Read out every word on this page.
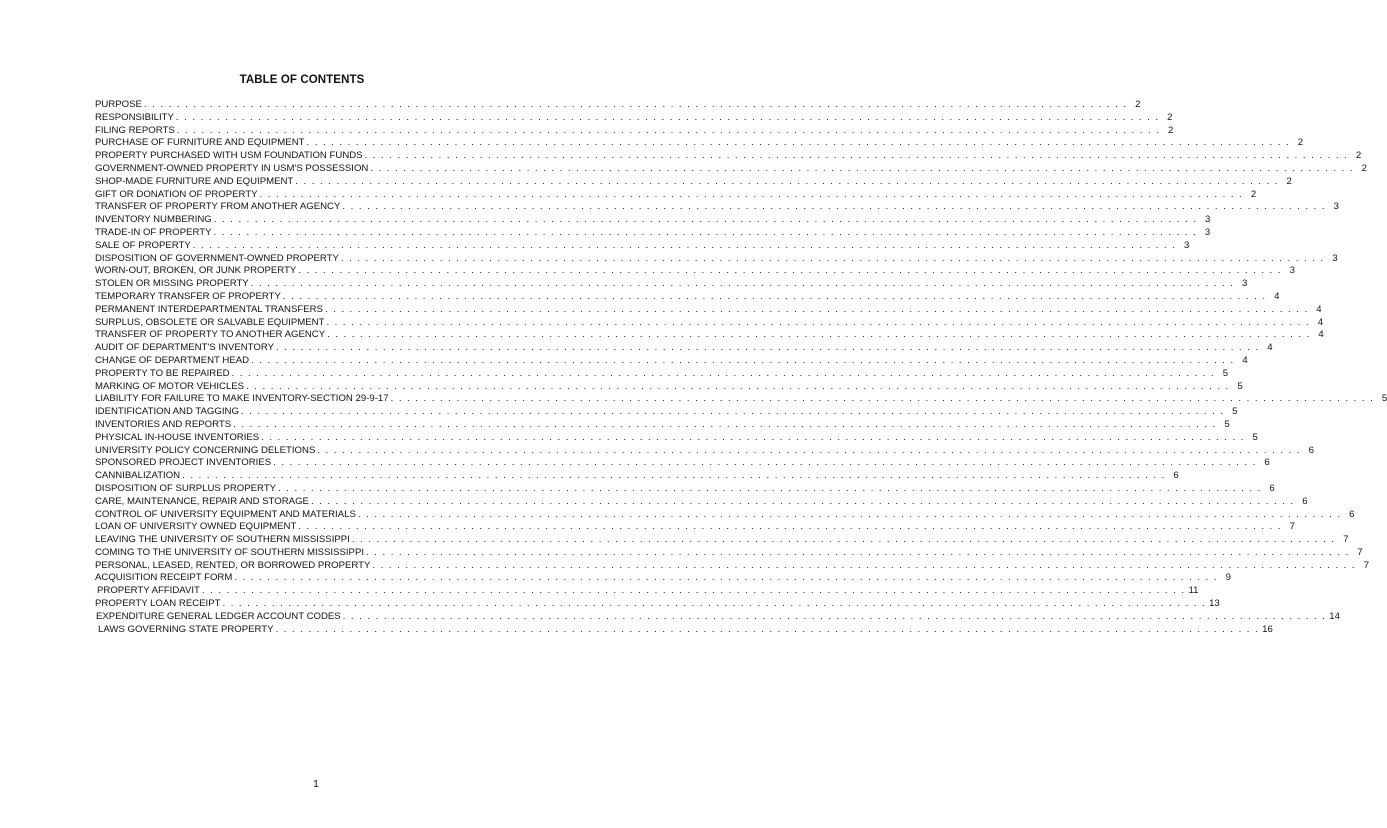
TABLE OF CONTENTS
PURPOSE . . . . . . . . . . . . . . . . . . . . . . . . . . . . . . . . . . . . . . . . . . . . . . . . . . . . . . . . . . . . . . . . . . . . . . . . . . . . . . . . . . . . . . . . . . . . . . . . . . . . . . . . . . . . . . . . . . . . . . . . 2
RESPONSIBILITY . . . . . . . . . . . . . . . . . . . . . . . . . . . . . . . . . . . . . . . . . . . . . . . . . . . . . . . . . . . . . . . . . . . . . . . . . . . . . . . . . . . . . . . . . . . . . . . . . . . . . . . . . . . . . . . . . . . . . . . . 2
FILING REPORTS . . . . . . . . . . . . . . . . . . . . . . . . . . . . . . . . . . . . . . . . . . . . . . . . . . . . . . . . . . . . . . . . . . . . . . . . . . . . . . . . . . . . . . . . . . . . . . . . . . . . . . . . . . . . . . . . . . . . . . . . 2
PURCHASE OF FURNITURE AND EQUIPMENT . . . . . . . . . . . . . . . . . . . . . . . . . . . . . . . . . . . . . . . . . . . . . . . . . . . . . . . . . . . . . . . . . . . . . . . . . . . . . . . . . . . . . . . . . . . . . . . . . . . . . . . . . . . . . . . . . . . . . . . . 2
PROPERTY PURCHASED WITH USM FOUNDATION FUNDS . . . . . . . . . . . . . . . . . . . . . . . . . . . . . . . . . . . . . . . . . . . . . . . . . . . . . . . . . . . . . . . . . . . . . . . . . . . . . . . . . . . . . . . . . . . . . . . . . . . . . . . . . . . . . . . . . . . . . . . . 2
GOVERNMENT-OWNED PROPERTY IN USM'S POSSESSION . . . . . . . . . . . . . . . . . . . . . . . . . . . . . . . . . . . . . . . . . . . . . . . . . . . . . . . . . . . . . . . . . . . . . . . . . . . . . . . . . . . . . . . . . . . . . . . . . . . . . . . . . . . . . . . . . . . . . . . . 2
SHOP-MADE FURNITURE AND EQUIPMENT . . . . . . . . . . . . . . . . . . . . . . . . . . . . . . . . . . . . . . . . . . . . . . . . . . . . . . . . . . . . . . . . . . . . . . . . . . . . . . . . . . . . . . . . . . . . . . . . . . . . . . . . . . . . . . . . . . . . . . . . 2
GIFT OR DONATION OF PROPERTY . . . . . . . . . . . . . . . . . . . . . . . . . . . . . . . . . . . . . . . . . . . . . . . . . . . . . . . . . . . . . . . . . . . . . . . . . . . . . . . . . . . . . . . . . . . . . . . . . . . . . . . . . . . . . . . . . . . . . . . . 2
TRANSFER OF PROPERTY FROM ANOTHER AGENCY . . . . . . . . . . . . . . . . . . . . . . . . . . . . . . . . . . . . . . . . . . . . . . . . . . . . . . . . . . . . . . . . . . . . . . . . . . . . . . . . . . . . . . . . . . . . . . . . . . . . . . . . . . . . . . . . . . . . . . . . 3
INVENTORY NUMBERING . . . . . . . . . . . . . . . . . . . . . . . . . . . . . . . . . . . . . . . . . . . . . . . . . . . . . . . . . . . . . . . . . . . . . . . . . . . . . . . . . . . . . . . . . . . . . . . . . . . . . . . . . . . . . . . . . . . . . . . . 3
TRADE-IN OF PROPERTY . . . . . . . . . . . . . . . . . . . . . . . . . . . . . . . . . . . . . . . . . . . . . . . . . . . . . . . . . . . . . . . . . . . . . . . . . . . . . . . . . . . . . . . . . . . . . . . . . . . . . . . . . . . . . . . . . . . . . . . . 3
SALE OF PROPERTY . . . . . . . . . . . . . . . . . . . . . . . . . . . . . . . . . . . . . . . . . . . . . . . . . . . . . . . . . . . . . . . . . . . . . . . . . . . . . . . . . . . . . . . . . . . . . . . . . . . . . . . . . . . . . . . . . . . . . . . . 3
DISPOSITION OF GOVERNMENT-OWNED PROPERTY . . . . . . . . . . . . . . . . . . . . . . . . . . . . . . . . . . . . . . . . . . . . . . . . . . . . . . . . . . . . . . . . . . . . . . . . . . . . . . . . . . . . . . . . . . . . . . . . . . . . . . . . . . . . . . . . . . . . . . . . 3
WORN-OUT, BROKEN, OR JUNK PROPERTY . . . . . . . . . . . . . . . . . . . . . . . . . . . . . . . . . . . . . . . . . . . . . . . . . . . . . . . . . . . . . . . . . . . . . . . . . . . . . . . . . . . . . . . . . . . . . . . . . . . . . . . . . . . . . . . . . . . . . . . . 3
STOLEN OR MISSING PROPERTY . . . . . . . . . . . . . . . . . . . . . . . . . . . . . . . . . . . . . . . . . . . . . . . . . . . . . . . . . . . . . . . . . . . . . . . . . . . . . . . . . . . . . . . . . . . . . . . . . . . . . . . . . . . . . . . . . . . . . . . . 3
TEMPORARY TRANSFER OF PROPERTY . . . . . . . . . . . . . . . . . . . . . . . . . . . . . . . . . . . . . . . . . . . . . . . . . . . . . . . . . . . . . . . . . . . . . . . . . . . . . . . . . . . . . . . . . . . . . . . . . . . . . . . . . . . . . . . . . . . . . . . . 4
PERMANENT INTERDEPARTMENTAL TRANSFERS . . . . . . . . . . . . . . . . . . . . . . . . . . . . . . . . . . . . . . . . . . . . . . . . . . . . . . . . . . . . . . . . . . . . . . . . . . . . . . . . . . . . . . . . . . . . . . . . . . . . . . . . . . . . . . . . . . . . . . . . 4
SURPLUS, OBSOLETE OR SALVABLE EQUIPMENT . . . . . . . . . . . . . . . . . . . . . . . . . . . . . . . . . . . . . . . . . . . . . . . . . . . . . . . . . . . . . . . . . . . . . . . . . . . . . . . . . . . . . . . . . . . . . . . . . . . . . . . . . . . . . . . . . . . . . . . . 4
TRANSFER OF PROPERTY TO ANOTHER AGENCY . . . . . . . . . . . . . . . . . . . . . . . . . . . . . . . . . . . . . . . . . . . . . . . . . . . . . . . . . . . . . . . . . . . . . . . . . . . . . . . . . . . . . . . . . . . . . . . . . . . . . . . . . . . . . . . . . . . . . . . . 4
AUDIT OF DEPARTMENT'S INVENTORY . . . . . . . . . . . . . . . . . . . . . . . . . . . . . . . . . . . . . . . . . . . . . . . . . . . . . . . . . . . . . . . . . . . . . . . . . . . . . . . . . . . . . . . . . . . . . . . . . . . . . . . . . . . . . . . . . . . . . . . . 4
CHANGE OF DEPARTMENT HEAD . . . . . . . . . . . . . . . . . . . . . . . . . . . . . . . . . . . . . . . . . . . . . . . . . . . . . . . . . . . . . . . . . . . . . . . . . . . . . . . . . . . . . . . . . . . . . . . . . . . . . . . . . . . . . . . . . . . . . . . . 4
PROPERTY TO BE REPAIRED . . . . . . . . . . . . . . . . . . . . . . . . . . . . . . . . . . . . . . . . . . . . . . . . . . . . . . . . . . . . . . . . . . . . . . . . . . . . . . . . . . . . . . . . . . . . . . . . . . . . . . . . . . . . . . . . . . . . . . . . 5
MARKING OF MOTOR VEHICLES . . . . . . . . . . . . . . . . . . . . . . . . . . . . . . . . . . . . . . . . . . . . . . . . . . . . . . . . . . . . . . . . . . . . . . . . . . . . . . . . . . . . . . . . . . . . . . . . . . . . . . . . . . . . . . . . . . . . . . . . 5
LIABILITY FOR FAILURE TO MAKE INVENTORY-SECTION 29-9-17 . . . . . . . . . . . . . . . . . . . . . . . . . . . . . . . . . . . . . . . . . . . . . . . . . . . . . . . . . . . . . . . . . . . . . . . . . . . . . . . . . . . . . . . . . . . . . . . . . . . . . . . . . . . . . . . . . . . . . . . . 5
IDENTIFICATION AND TAGGING . . . . . . . . . . . . . . . . . . . . . . . . . . . . . . . . . . . . . . . . . . . . . . . . . . . . . . . . . . . . . . . . . . . . . . . . . . . . . . . . . . . . . . . . . . . . . . . . . . . . . . . . . . . . . . . . . . . . . . . . 5
INVENTORIES AND REPORTS . . . . . . . . . . . . . . . . . . . . . . . . . . . . . . . . . . . . . . . . . . . . . . . . . . . . . . . . . . . . . . . . . . . . . . . . . . . . . . . . . . . . . . . . . . . . . . . . . . . . . . . . . . . . . . . . . . . . . . . . 5
PHYSICAL IN-HOUSE INVENTORIES . . . . . . . . . . . . . . . . . . . . . . . . . . . . . . . . . . . . . . . . . . . . . . . . . . . . . . . . . . . . . . . . . . . . . . . . . . . . . . . . . . . . . . . . . . . . . . . . . . . . . . . . . . . . . . . . . . . . . . . . 5
UNIVERSITY POLICY CONCERNING DELETIONS . . . . . . . . . . . . . . . . . . . . . . . . . . . . . . . . . . . . . . . . . . . . . . . . . . . . . . . . . . . . . . . . . . . . . . . . . . . . . . . . . . . . . . . . . . . . . . . . . . . . . . . . . . . . . . . . . . . . . . . . 6
SPONSORED PROJECT INVENTORIES . . . . . . . . . . . . . . . . . . . . . . . . . . . . . . . . . . . . . . . . . . . . . . . . . . . . . . . . . . . . . . . . . . . . . . . . . . . . . . . . . . . . . . . . . . . . . . . . . . . . . . . . . . . . . . . . . . . . . . . . 6
CANNIBALIZATION . . . . . . . . . . . . . . . . . . . . . . . . . . . . . . . . . . . . . . . . . . . . . . . . . . . . . . . . . . . . . . . . . . . . . . . . . . . . . . . . . . . . . . . . . . . . . . . . . . . . . . . . . . . . . . . . . . . . . . . . 6
DISPOSITION OF SURPLUS PROPERTY . . . . . . . . . . . . . . . . . . . . . . . . . . . . . . . . . . . . . . . . . . . . . . . . . . . . . . . . . . . . . . . . . . . . . . . . . . . . . . . . . . . . . . . . . . . . . . . . . . . . . . . . . . . . . . . . . . . . . . . . 6
CARE, MAINTENANCE, REPAIR AND STORAGE . . . . . . . . . . . . . . . . . . . . . . . . . . . . . . . . . . . . . . . . . . . . . . . . . . . . . . . . . . . . . . . . . . . . . . . . . . . . . . . . . . . . . . . . . . . . . . . . . . . . . . . . . . . . . . . . . . . . . . . . 6
CONTROL OF UNIVERSITY EQUIPMENT AND MATERIALS . . . . . . . . . . . . . . . . . . . . . . . . . . . . . . . . . . . . . . . . . . . . . . . . . . . . . . . . . . . . . . . . . . . . . . . . . . . . . . . . . . . . . . . . . . . . . . . . . . . . . . . . . . . . . . . . . . . . . . . . 6
LOAN OF UNIVERSITY OWNED EQUIPMENT . . . . . . . . . . . . . . . . . . . . . . . . . . . . . . . . . . . . . . . . . . . . . . . . . . . . . . . . . . . . . . . . . . . . . . . . . . . . . . . . . . . . . . . . . . . . . . . . . . . . . . . . . . . . . . . . . . . . . . . . 7
LEAVING THE UNIVERSITY OF SOUTHERN MISSISSIPPI . . . . . . . . . . . . . . . . . . . . . . . . . . . . . . . . . . . . . . . . . . . . . . . . . . . . . . . . . . . . . . . . . . . . . . . . . . . . . . . . . . . . . . . . . . . . . . . . . . . . . . . . . . . . . . . . . . . . . . . . 7
COMING TO THE UNIVERSITY OF SOUTHERN MISSISSIPPI . . . . . . . . . . . . . . . . . . . . . . . . . . . . . . . . . . . . . . . . . . . . . . . . . . . . . . . . . . . . . . . . . . . . . . . . . . . . . . . . . . . . . . . . . . . . . . . . . . . . . . . . . . . . . . . . . . . . . . . . 7
PERSONAL, LEASED, RENTED, OR BORROWED PROPERTY . . . . . . . . . . . . . . . . . . . . . . . . . . . . . . . . . . . . . . . . . . . . . . . . . . . . . . . . . . . . . . . . . . . . . . . . . . . . . . . . . . . . . . . . . . . . . . . . . . . . . . . . . . . . . . . . . . . . . . . . 7
ACQUISITION RECEIPT FORM . . . . . . . . . . . . . . . . . . . . . . . . . . . . . . . . . . . . . . . . . . . . . . . . . . . . . . . . . . . . . . . . . . . . . . . . . . . . . . . . . . . . . . . . . . . . . . . . . . . . . . . . . . . . . . . . . . . . . . . . 9
PROPERTY AFFIDAVIT . . . . . . . . . . . . . . . . . . . . . . . . . . . . . . . . . . . . . . . . . . . . . . . . . . . . . . . . . . . . . . . . . . . . . . . . . . . . . . . . . . . . . . . . . . . . . . . . . . . . . . . . . . . . . . . . . . . . . . . . 11
PROPERTY LOAN RECEIPT . . . . . . . . . . . . . . . . . . . . . . . . . . . . . . . . . . . . . . . . . . . . . . . . . . . . . . . . . . . . . . . . . . . . . . . . . . . . . . . . . . . . . . . . . . . . . . . . . . . . . . . . . . . . . . . . . . . . . . . . 13
EXPENDITURE GENERAL LEDGER ACCOUNT CODES . . . . . . . . . . . . . . . . . . . . . . . . . . . . . . . . . . . . . . . . . . . . . . . . . . . . . . . . . . . . . . . . . . . . . . . . . . . . . . . . . . . . . . . . . . . . . . . . . . . . . . . . . . . . . . . . . . . . . . . . 14
LAWS GOVERNING STATE PROPERTY . . . . . . . . . . . . . . . . . . . . . . . . . . . . . . . . . . . . . . . . . . . . . . . . . . . . . . . . . . . . . . . . . . . . . . . . . . . . . . . . . . . . . . . . . . . . . . . . . . . . . . . . . . . . . . . . . . . . . . . . 16
1
